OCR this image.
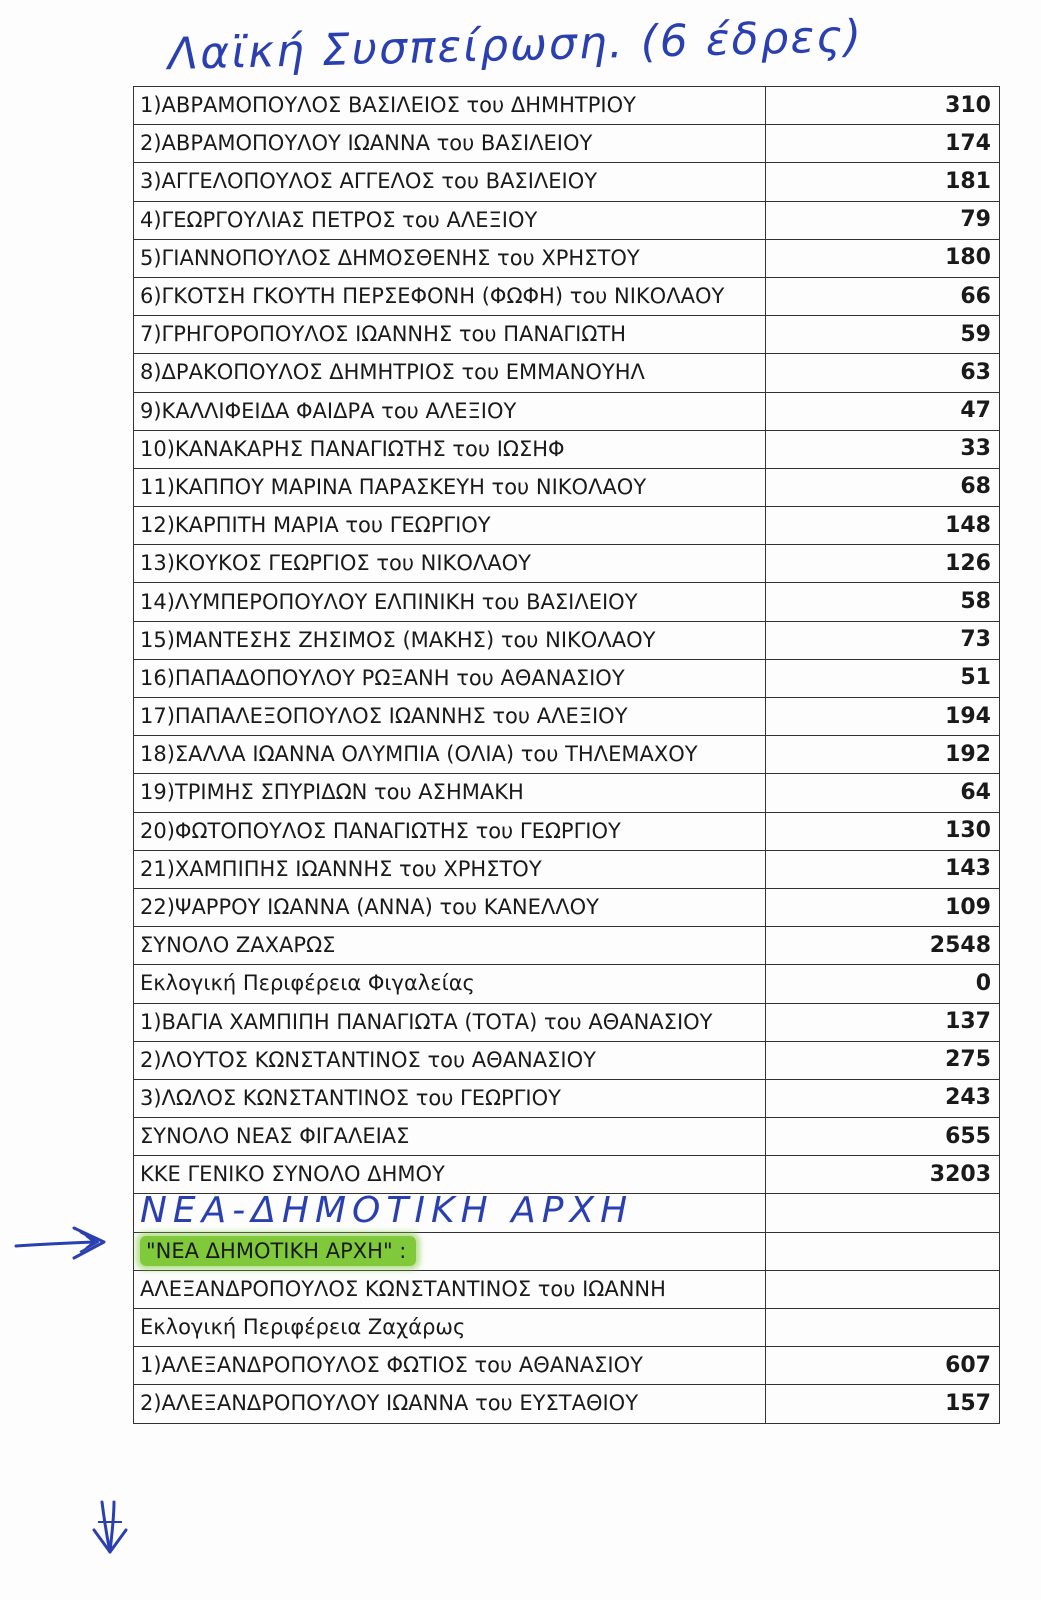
Λαϊκή Συσπείρωση. (6 έδρες)
1)ΑΒΡΑΜΟΠΟΥΛΟΣ ΒΑΣΙΛΕΙΟΣ του ΔΗΜΗΤΡΙΟΥ		310
2)ΑΒΡΑΜΟΠΟΥΛΟΥ ΙΩΑΝΝΑ του ΒΑΣΙΛΕΙΟΥ		174
3)ΑΓΓΕΛΟΠΟΥΛΟΣ ΑΓΓΕΛΟΣ του ΒΑΣΙΛΕΙΟΥ		181
4)ΓΕΩΡΓΟΥΛΙΑΣ ΠΕΤΡΟΣ του ΑΛΕΞΙΟΥ		79
5)ΓΙΑΝΝΟΠΟΥΛΟΣ ΔΗΜΟΣΘΕΝΗΣ του ΧΡΗΣΤΟΥ		180
6)ΓΚΟΤΣΗ ΓΚΟΥΤΗ ΠΕΡΣΕΦΟΝΗ (ΦΩΦΗ) του ΝΙΚΟΛΑΟΥ		66
7)ΓΡΗΓΟΡΟΠΟΥΛΟΣ ΙΩΑΝΝΗΣ του ΠΑΝΑΓΙΩΤΗ		59
8)ΔΡΑΚΟΠΟΥΛΟΣ ΔΗΜΗΤΡΙΟΣ του ΕΜΜΑΝΟΥΗΛ		63
9)ΚΑΛΛΙΦΕΙΔΑ ΦΑΙΔΡΑ του ΑΛΕΞΙΟΥ		47
10)ΚΑΝΑΚΑΡΗΣ ΠΑΝΑΓΙΩΤΗΣ του ΙΩΣΗΦ		33
11)ΚΑΠΠΟΥ ΜΑΡΙΝΑ ΠΑΡΑΣΚΕΥΗ του ΝΙΚΟΛΑΟΥ		68
12)ΚΑΡΠΙΤΗ ΜΑΡΙΑ του ΓΕΩΡΓΙΟΥ		148
13)ΚΟΥΚΟΣ ΓΕΩΡΓΙΟΣ του ΝΙΚΟΛΑΟΥ		126
14)ΛΥΜΠΕΡΟΠΟΥΛΟΥ ΕΛΠΙΝΙΚΗ του ΒΑΣΙΛΕΙΟΥ		58
15)ΜΑΝΤΕΣΗΣ ΖΗΣΙΜΟΣ (ΜΑΚΗΣ) του ΝΙΚΟΛΑΟΥ		73
16)ΠΑΠΑΔΟΠΟΥΛΟΥ ΡΩΞΑΝΗ του ΑΘΑΝΑΣΙΟΥ		51
17)ΠΑΠΑΛΕΞΟΠΟΥΛΟΣ ΙΩΑΝΝΗΣ του ΑΛΕΞΙΟΥ		194
18)ΣΑΛΛΑ ΙΩΑΝΝΑ ΟΛΥΜΠΙΑ (ΟΛΙΑ) του ΤΗΛΕΜΑΧΟΥ		192
19)ΤΡΙΜΗΣ ΣΠΥΡΙΔΩΝ του ΑΣΗΜΑΚΗ		64
20)ΦΩΤΟΠΟΥΛΟΣ ΠΑΝΑΓΙΩΤΗΣ του ΓΕΩΡΓΙΟΥ		130
21)ΧΑΜΠΙΠΗΣ ΙΩΑΝΝΗΣ του ΧΡΗΣΤΟΥ		143
22)ΨΑΡΡΟΥ ΙΩΑΝΝΑ (ΑΝΝΑ) του ΚΑΝΕΛΛΟΥ		109
ΣΥΝΟΛΟ ΖΑΧΑΡΩΣ		2548
Εκλογική Περιφέρεια Φιγαλείας		0
1)ΒΑΓΙΑ ΧΑΜΠΙΠΗ ΠΑΝΑΓΙΩΤΑ (ΤΟΤΑ) του ΑΘΑΝΑΣΙΟΥ		137
2)ΛΟΥΤΟΣ ΚΩΝΣΤΑΝΤΙΝΟΣ του ΑΘΑΝΑΣΙΟΥ		275
3)ΛΩΛΟΣ ΚΩΝΣΤΑΝΤΙΝΟΣ του ΓΕΩΡΓΙΟΥ		243
ΣΥΝΟΛΟ ΝΕΑΣ ΦΙΓΑΛΕΙΑΣ		655
ΚΚΕ ΓΕΝΙΚΟ ΣΥΝΟΛΟ ΔΗΜΟΥ		3203
ΝΕΑ-ΔΗΜΟΤΙΚΗ ΑΡΧΗ		
"ΝΕΑ ΔΗΜΟΤΙΚΗ ΑΡΧΗ" :		
ΑΛΕΞΑΝΔΡΟΠΟΥΛΟΣ ΚΩΝΣΤΑΝΤΙΝΟΣ του ΙΩΑΝΝΗ		
Εκλογική Περιφέρεια Ζαχάρως		
1)ΑΛΕΞΑΝΔΡΟΠΟΥΛΟΣ ΦΩΤΙΟΣ του ΑΘΑΝΑΣΙΟΥ		607
2)ΑΛΕΞΑΝΔΡΟΠΟΥΛΟΥ ΙΩΑΝΝΑ του ΕΥΣΤΑΘΙΟΥ		157
